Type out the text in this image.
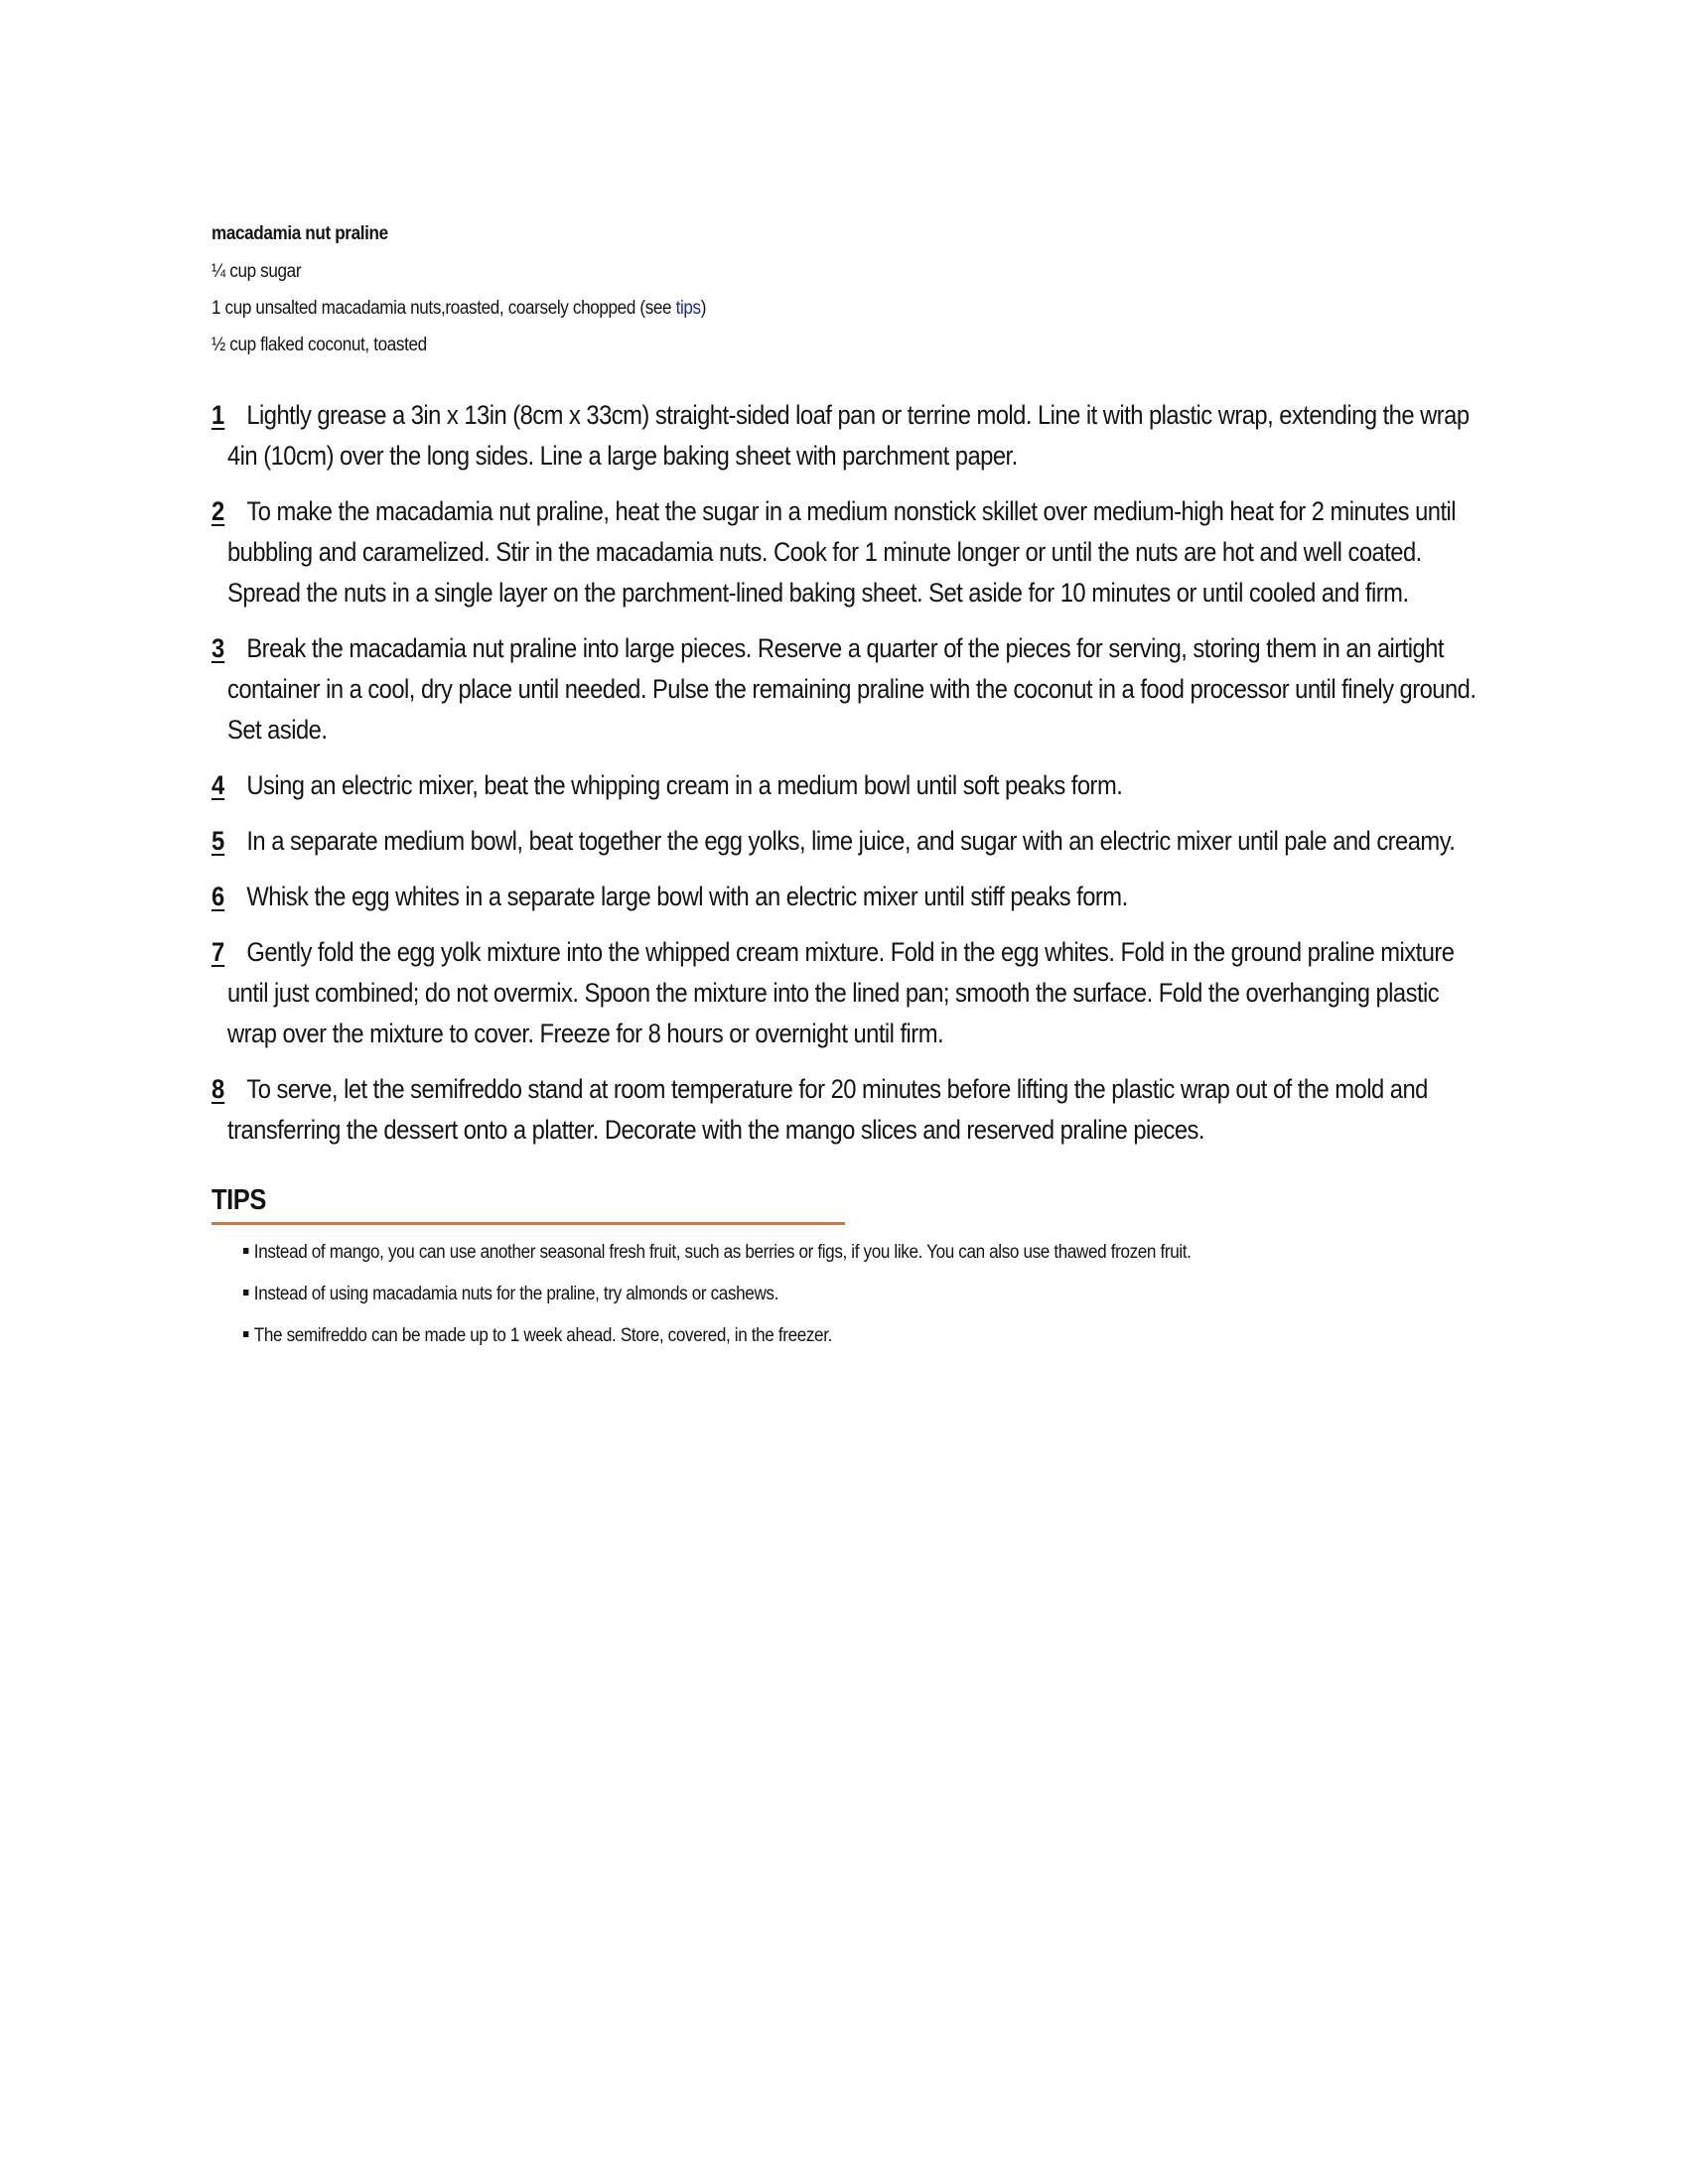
macadamia nut praline
¼ cup sugar
1 cup unsalted macadamia nuts,roasted, coarsely chopped (see tips)
½ cup flaked coconut, toasted
1 Lightly grease a 3in x 13in (8cm x 33cm) straight-sided loaf pan or terrine mold. Line it with plastic wrap, extending the wrap 4in (10cm) over the long sides. Line a large baking sheet with parchment paper.
2 To make the macadamia nut praline, heat the sugar in a medium nonstick skillet over medium-high heat for 2 minutes until bubbling and caramelized. Stir in the macadamia nuts. Cook for 1 minute longer or until the nuts are hot and well coated. Spread the nuts in a single layer on the parchment-lined baking sheet. Set aside for 10 minutes or until cooled and firm.
3 Break the macadamia nut praline into large pieces. Reserve a quarter of the pieces for serving, storing them in an airtight container in a cool, dry place until needed. Pulse the remaining praline with the coconut in a food processor until finely ground. Set aside.
4 Using an electric mixer, beat the whipping cream in a medium bowl until soft peaks form.
5 In a separate medium bowl, beat together the egg yolks, lime juice, and sugar with an electric mixer until pale and creamy.
6 Whisk the egg whites in a separate large bowl with an electric mixer until stiff peaks form.
7 Gently fold the egg yolk mixture into the whipped cream mixture. Fold in the egg whites. Fold in the ground praline mixture until just combined; do not overmix. Spoon the mixture into the lined pan; smooth the surface. Fold the overhanging plastic wrap over the mixture to cover. Freeze for 8 hours or overnight until firm.
8 To serve, let the semifreddo stand at room temperature for 20 minutes before lifting the plastic wrap out of the mold and transferring the dessert onto a platter. Decorate with the mango slices and reserved praline pieces.
TIPS
Instead of mango, you can use another seasonal fresh fruit, such as berries or figs, if you like. You can also use thawed frozen fruit.
Instead of using macadamia nuts for the praline, try almonds or cashews.
The semifreddo can be made up to 1 week ahead. Store, covered, in the freezer.
